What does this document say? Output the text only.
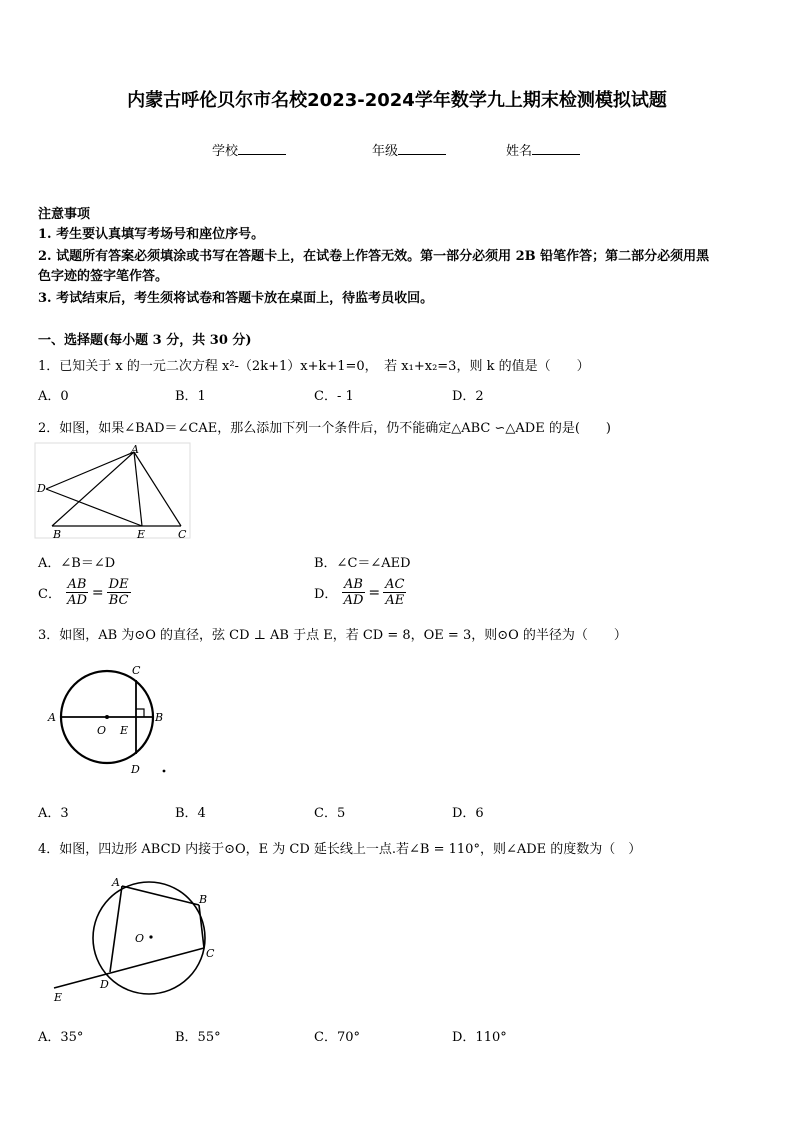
内蒙古呼伦贝尔市名校2023-2024学年数学九上期末检测模拟试题
学校	年级	姓名
注意事项
1. 考生要认真填写考场号和座位序号。
2. 试题所有答案必须填涂或书写在答题卡上，在试卷上作答无效。第一部分必须用 2B 铅笔作答；第二部分必须用黑
色字迹的签字笔作答。
3. 考试结束后，考生须将试卷和答题卡放在桌面上，待监考员收回。
一、选择题(每小题 3 分，共 30 分)
1．已知关于 x 的一元二次方程 x²-（2k+1）x+k+1=0，　若 x₁+x₂=3，则 k 的值是（　　）
A．0	B．1	C．- 1	D．2
2．如图，如果∠BAD＝∠CAE，那么添加下列一个条件后，仍不能确定△ABC ∽△ADE 的是(　　)
A
D
B	E	C
A．∠B＝∠D	B．∠C＝∠AED
C． $\frac{AB}{AD} = \frac{DE}{BC}$	D． $\frac{AB}{AD} = \frac{AC}{AE}$
3．如图，AB 为⊙O 的直径，弦 CD ⊥ AB 于点 E，若 CD = 8，OE = 3，则⊙O 的半径为（　　）
C
A
O E
B
D
A．3	B．4	C．5	D．6
4．如图，四边形 ABCD 内接于⊙O，E 为 CD 延长线上一点.若∠B = 110°，则∠ADE 的度数为（　）
A
B
O
C
D
E
A．35°	B．55°	C．70°	D．110°
